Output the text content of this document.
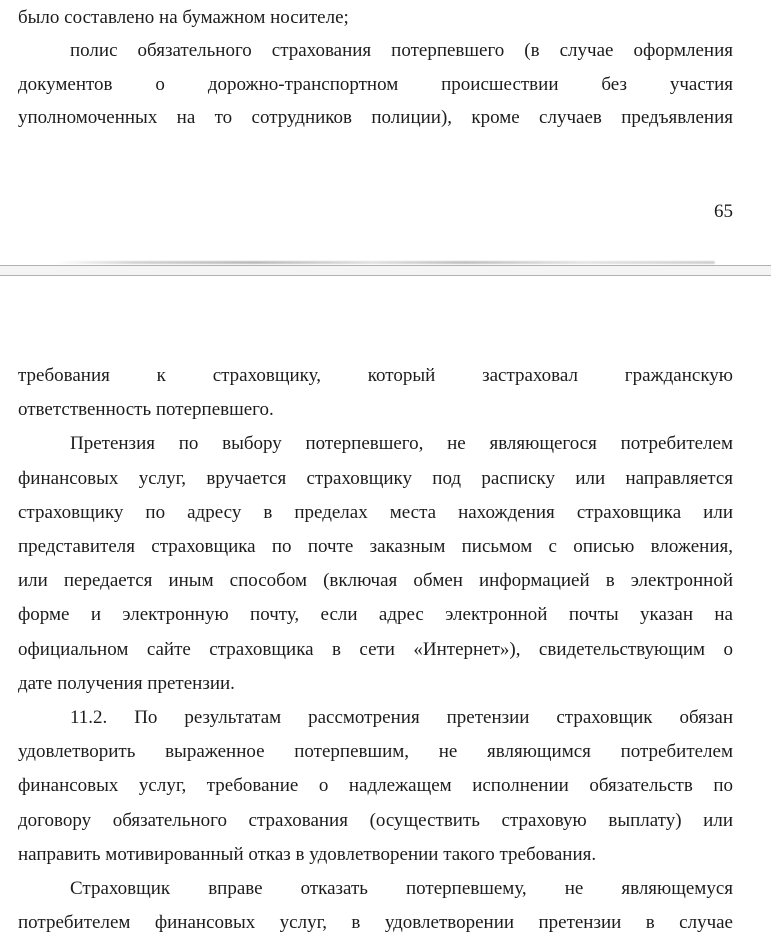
было составлено на бумажном носителе;
полис обязательного страхования потерпевшего (в случае оформления
документов о дорожно-транспортном происшествии без участия
уполномоченных на то сотрудников полиции), кроме случаев предъявления
65
требования к страховщику, который застраховал гражданскую
ответственность потерпевшего.
Претензия по выбору потерпевшего, не являющегося потребителем
финансовых услуг, вручается страховщику под расписку или направляется
страховщику по адресу в пределах места нахождения страховщика или
представителя страховщика по почте заказным письмом с описью вложения,
или передается иным способом (включая обмен информацией в электронной
форме и электронную почту, если адрес электронной почты указан на
официальном сайте страховщика в сети «Интернет»), свидетельствующим о
дате получения претензии.
11.2. По результатам рассмотрения претензии страховщик обязан
удовлетворить выраженное потерпевшим, не являющимся потребителем
финансовых услуг, требование о надлежащем исполнении обязательств по
договору обязательного страхования (осуществить страховую выплату) или
направить мотивированный отказ в удовлетворении такого требования.
Страховщик вправе отказать потерпевшему, не являющемуся
потребителем финансовых услуг, в удовлетворении претензии в случае
